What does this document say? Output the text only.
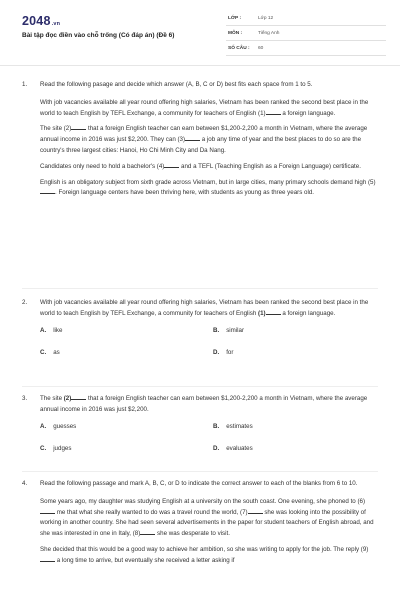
2048.vn
Bài tập đọc điền vào chỗ trống (Có đáp án) (Đề 6)
LỚP :	Lớp 12
MÔN :	Tiếng Anh
SỐ CÂU : 60
1. Read the following pasage and decide which answer (A, B, C or D) best fits each space from 1 to 5.

With job vacancies available all year round offering high salaries, Vietnam has been ranked the second best place in the world to teach English by TEFL Exchange, a community for teachers of English (1) a foreign language.

The site (2) that a foreign English teacher can earn between $1,200-2,200 a month in Vietnam, where the average annual income in 2016 was just $2,200. They can (3) a job any time of year and the best places to do so are the country's three largest cities: Hanoi, Ho Chi Minh City and Da Nang.

Candidates only need to hold a bachelor's (4) and a TEFL (Teaching English as a Foreign Language) certificate.

English is an obligatory subject from sixth grade across Vietnam, but in large cities, many primary schools demand high (5). Foreign language centers have been thriving here, with students as young as three years old.

2. With job vacancies available all year round offering high salaries, Vietnam has been ranked the second best place in the world to teach English by TEFL Exchange, a community for teachers of English (1) a foreign language.

A. like	B. similar
C. as	D. for
3. The site (2) that a foreign English teacher can earn between $1,200-2,200 a month in Vietnam, where the average annual income in 2016 was just $2,200.

A. guesses	B. estimates
C. judges	D. evaluates
4. Read the following passage and mark A, B, C, or D to indicate the correct answer to each of the blanks from 6 to 10.

Some years ago, my daughter was studying English at a university on the south coast. One evening, she phoned to (6) me that what she really wanted to do was a travel round the world, (7) she was looking into the possibility of working in another country. She had seen several advertisements in the paper for student teachers of English abroad, and she was interested in one in Italy, (8) she was desperate to visit.

She decided that this would be a good way to achieve her ambition, so she was writing to apply for the job. The reply (9) a long time to arrive, but eventually she received a letter asking if
